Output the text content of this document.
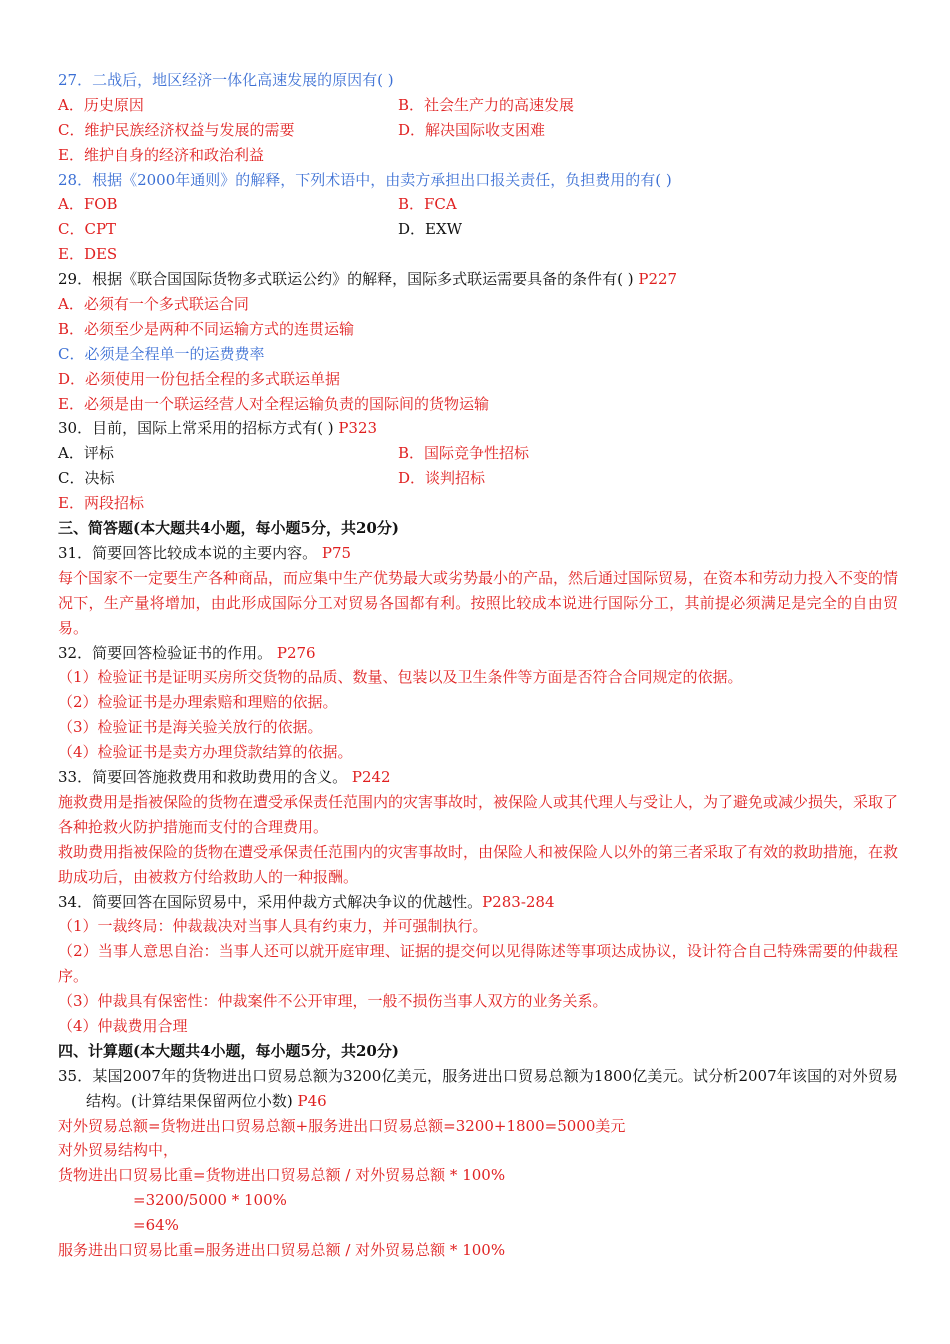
27．二战后，地区经济一体化高速发展的原因有( )
A．历史原因	B．社会生产力的高速发展
C．维护民族经济权益与发展的需要	D．解决国际收支困难
E．维护自身的经济和政治利益
28．根据《2000年通则》的解释，下列术语中，由卖方承担出口报关责任，负担费用的有( )
A．FOB	B．FCA
C．CPT	D．EXW
E．DES
29．根据《联合国国际货物多式联运公约》的解释，国际多式联运需要具备的条件有( ) P227
A．必须有一个多式联运合同
B．必须至少是两种不同运输方式的连贯运输
C．必须是全程单一的运费费率
D．必须使用一份包括全程的多式联运单据
E．必须是由一个联运经营人对全程运输负责的国际间的货物运输
30．目前，国际上常采用的招标方式有( ) P323
A．评标	B．国际竞争性招标
C．决标	D．谈判招标
E．两段招标
三、简答题(本大题共4小题，每小题5分，共20分)
31．简要回答比较成本说的主要内容。 P75
每个国家不一定要生产各种商品，而应集中生产优势最大或劣势最小的产品，然后通过国际贸易，在资本和劳动力投入不变的情况下，生产量将增加，由此形成国际分工对贸易各国都有利。按照比较成本说进行国际分工，其前提必须满足是完全的自由贸易。
32．简要回答检验证书的作用。 P276
（1）检验证书是证明买房所交货物的品质、数量、包装以及卫生条件等方面是否符合合同规定的依据。
（2）检验证书是办理索赔和理赔的依据。
（3）检验证书是海关验关放行的依据。
（4）检验证书是卖方办理贷款结算的依据。
33．简要回答施救费用和救助费用的含义。 P242
施救费用是指被保险的货物在遭受承保责任范围内的灾害事故时，被保险人或其代理人与受让人，为了避免或减少损失，采取了各种抢救火防护措施而支付的合理费用。
救助费用指被保险的货物在遭受承保责任范围内的灾害事故时，由保险人和被保险人以外的第三者采取了有效的救助措施，在救助成功后，由被救方付给救助人的一种报酬。
34．简要回答在国际贸易中，采用仲裁方式解决争议的优越性。P283-284
（1）一裁终局：仲裁裁决对当事人具有约束力，并可强制执行。
（2）当事人意思自治：当事人还可以就开庭审理、证据的提交何以见得陈述等事项达成协议，设计符合自己特殊需要的仲裁程序。
（3）仲裁具有保密性：仲裁案件不公开审理，一般不损伤当事人双方的业务关系。
（4）仲裁费用合理
四、计算题(本大题共4小题，每小题5分，共20分)
35．某国2007年的货物进出口贸易总额为3200亿美元，服务进出口贸易总额为1800亿美元。试分析2007年该国的对外贸易结构。(计算结果保留两位小数) P46
对外贸易总额=货物进出口贸易总额+服务进出口贸易总额=3200+1800=5000美元
对外贸易结构中，
货物进出口贸易比重=货物进出口贸易总额 / 对外贸易总额 * 100%
=3200/5000 * 100%
=64%
服务进出口贸易比重=服务进出口贸易总额 / 对外贸易总额 * 100%
